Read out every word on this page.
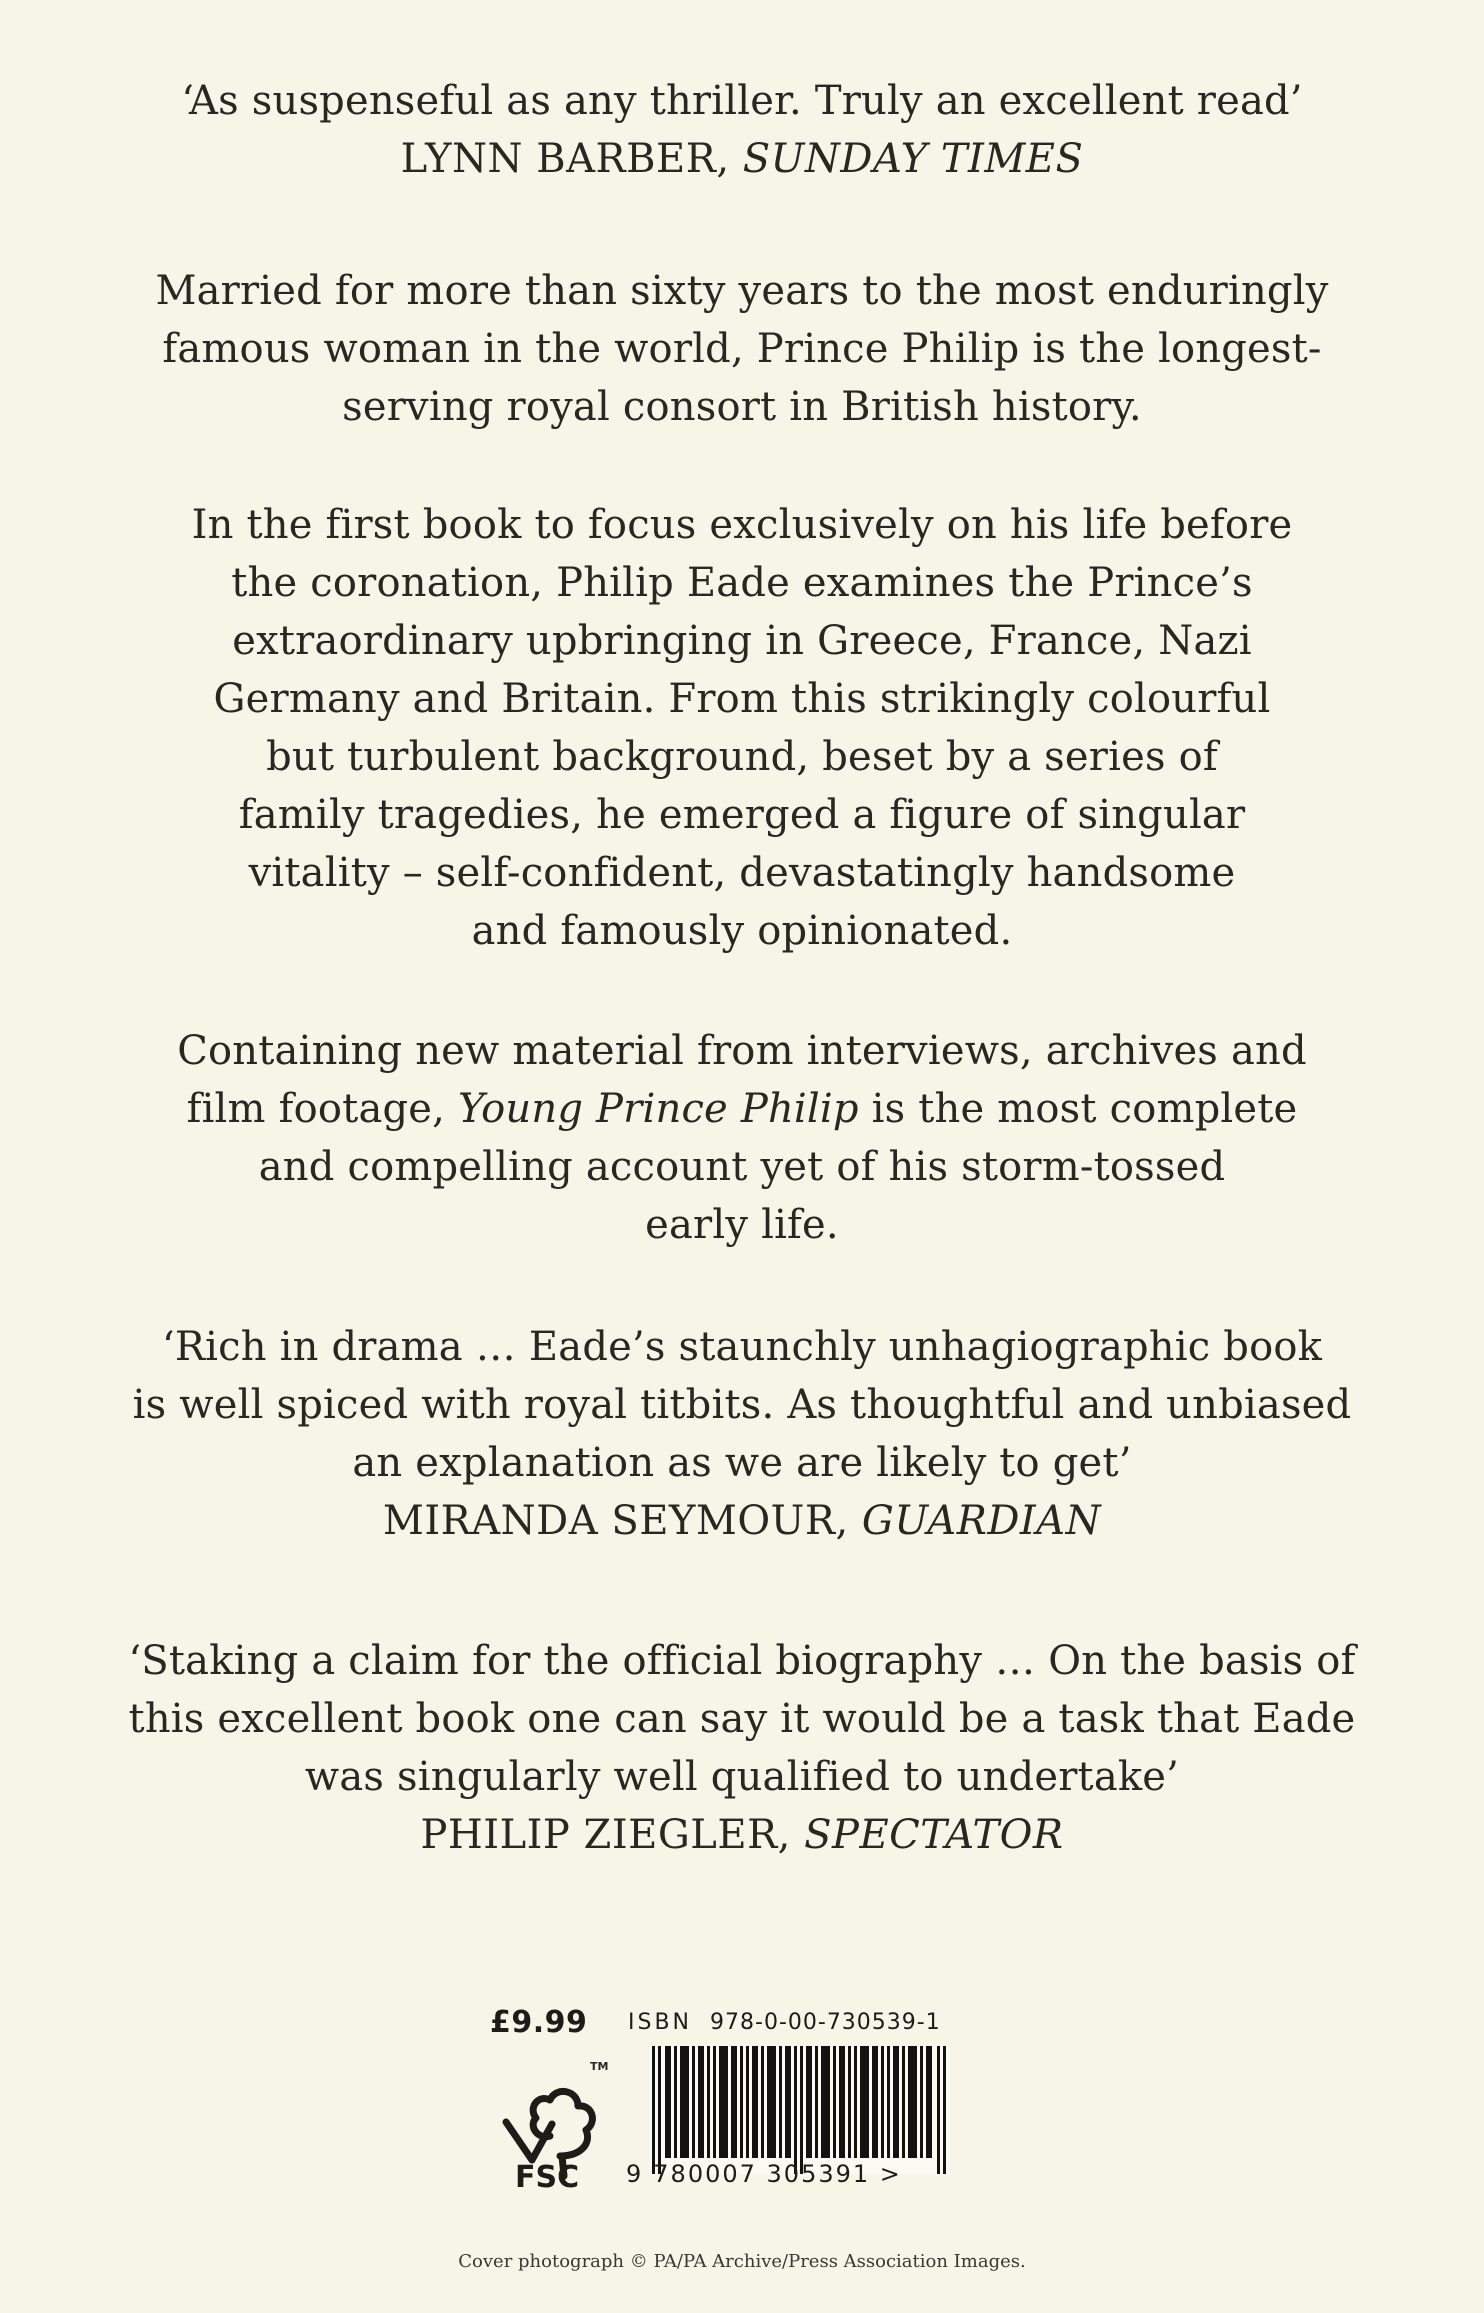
‘As suspenseful as any thriller. Truly an excellent read’
LYNN BARBER, SUNDAY TIMES
Married for more than sixty years to the most enduringly
famous woman in the world, Prince Philip is the longest-
serving royal consort in British history.
In the first book to focus exclusively on his life before
the coronation, Philip Eade examines the Prince’s
extraordinary upbringing in Greece, France, Nazi
Germany and Britain. From this strikingly colourful
but turbulent background, beset by a series of
family tragedies, he emerged a figure of singular
vitality – self-confident, devastatingly handsome
and famously opinionated.
Containing new material from interviews, archives and
film footage, Young Prince Philip is the most complete
and compelling account yet of his storm-tossed
early life.
‘Rich in drama … Eade’s staunchly unhagiographic book
is well spiced with royal titbits. As thoughtful and unbiased
an explanation as we are likely to get’
MIRANDA SEYMOUR, GUARDIAN
‘Staking a claim for the official biography … On the basis of
this excellent book one can say it would be a task that Eade
was singularly well qualified to undertake’
PHILIP ZIEGLER, SPECTATOR
£9.99 ISBN 978-0-00-730539-1
TM
FSC 9 780007 305391 >
Cover photograph © PA/PA Archive/Press Association Images.
